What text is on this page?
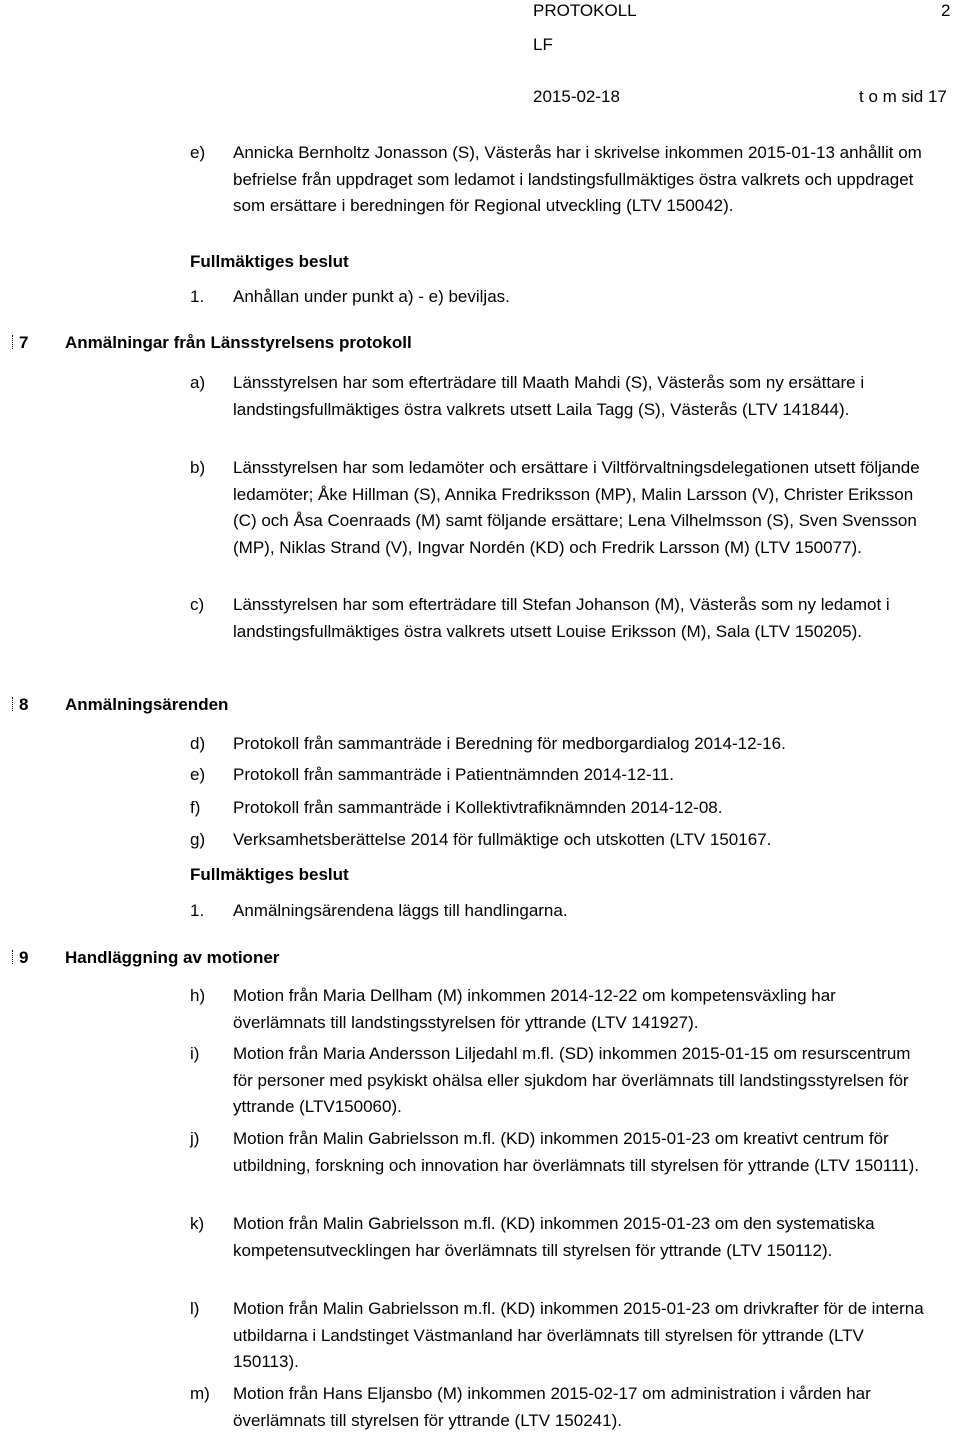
PROTOKOLL	2
LF
2015-02-18	t o m sid 17
e) Annicka Bernholtz Jonasson (S), Västerås har i skrivelse inkommen 2015-01-13 anhållit om befrielse från uppdraget som ledamot i landstingsfullmäktiges östra valkrets och uppdraget som ersättare i beredningen för Regional utveckling (LTV 150042).
Fullmäktiges beslut
1. Anhållan under punkt a) - e) beviljas.
7	Anmälningar från Länsstyrelsens protokoll
a) Länsstyrelsen har som efterträdare till Maath Mahdi (S), Västerås som ny ersättare i landstingsfullmäktiges östra valkrets utsett Laila Tagg (S), Västerås (LTV 141844).
b) Länsstyrelsen har som ledamöter och ersättare i Viltförvaltningsdelegationen utsett följande ledamöter; Åke Hillman (S), Annika Fredriksson (MP), Malin Larsson (V), Christer Eriksson (C) och Åsa Coenraads (M) samt följande ersättare; Lena Vilhelmsson (S), Sven Svensson (MP), Niklas Strand (V), Ingvar Nordén (KD) och Fredrik Larsson (M) (LTV 150077).
c) Länsstyrelsen har som efterträdare till Stefan Johanson (M), Västerås som ny ledamot i landstingsfullmäktiges östra valkrets utsett Louise Eriksson (M), Sala (LTV 150205).
8	Anmälningsärenden
d) Protokoll från sammanträde i Beredning för medborgardialog 2014-12-16.
e) Protokoll från sammanträde i Patientnämnden 2014-12-11.
f) Protokoll från sammanträde i Kollektivtrafiknämnden 2014-12-08.
g) Verksamhetsberättelse 2014 för fullmäktige och utskotten (LTV 150167.
Fullmäktiges beslut
1. Anmälningsärendena läggs till handlingarna.
9	Handläggning av motioner
h) Motion från Maria Dellham (M) inkommen 2014-12-22 om kompetensväxling har överlämnats till landstingsstyrelsen för yttrande (LTV 141927).
i) Motion från Maria Andersson Liljedahl m.fl. (SD) inkommen 2015-01-15 om resurscentrum för personer med psykiskt ohälsa eller sjukdom har överlämnats till landstingsstyrelsen för yttrande (LTV150060).
j) Motion från Malin Gabrielsson m.fl. (KD) inkommen 2015-01-23 om kreativt centrum för utbildning, forskning och innovation har överlämnats till styrelsen för yttrande (LTV 150111).
k) Motion från Malin Gabrielsson m.fl. (KD) inkommen 2015-01-23 om den systematiska kompetensutvecklingen har överlämnats till styrelsen för yttrande (LTV 150112).
l) Motion från Malin Gabrielsson m.fl. (KD) inkommen 2015-01-23 om drivkrafter för de interna utbildarna i Landstinget Västmanland har överlämnats till styrelsen för yttrande (LTV 150113).
m) Motion från Hans Eljansbo (M) inkommen 2015-02-17 om administration i vården har överlämnats till styrelsen för yttrande (LTV 150241).
